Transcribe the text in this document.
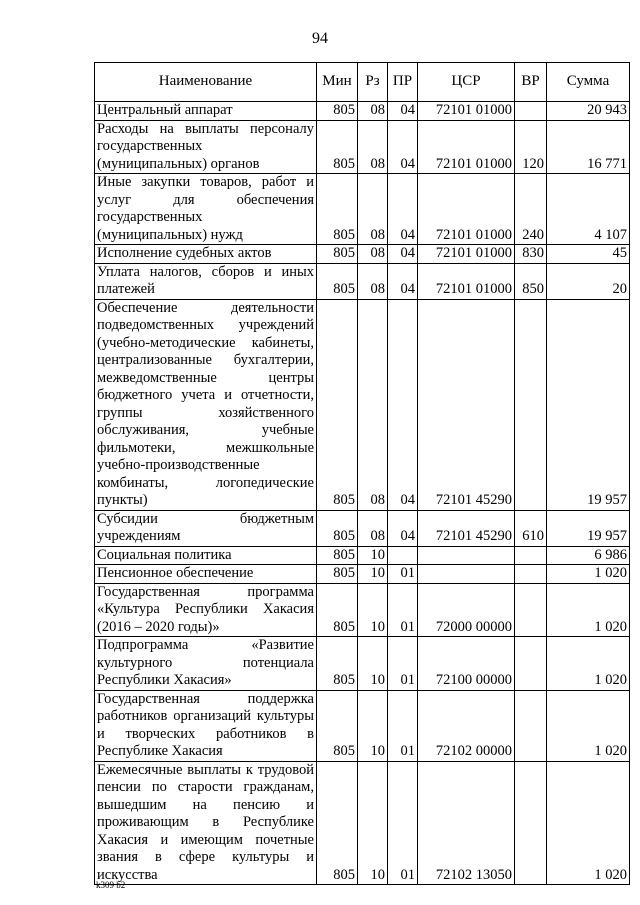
94
Наименование	Мин	Рз	ПР	ЦСР	ВР	Сумма
Центральный аппарат	805	08	04	72101 01000		20 943
Расходы на выплаты персоналу государственных (муниципальных) органов	805	08	04	72101 01000	120	16 771
Иные закупки товаров, работ и услуг для обеспечения государственных (муниципальных) нужд	805	08	04	72101 01000	240	4 107
Исполнение судебных актов	805	08	04	72101 01000	830	45
Уплата налогов, сборов и иных платежей	805	08	04	72101 01000	850	20
Обеспечение деятельности подведомственных учреждений (учебно-методические кабинеты, централизованные бухгалтерии, межведомственные центры бюджетного учета и отчетности, группы хозяйственного обслуживания, учебные фильмотеки, межшкольные учебно-производственные комбинаты, логопедические пункты)	805	08	04	72101 45290		19 957
Субсидии бюджетным учреждениям	805	08	04	72101 45290	610	19 957
Социальная политика	805	10				6 986
Пенсионное обеспечение	805	10	01			1 020
Государственная программа «Культура Республики Хакасия (2016 – 2020 годы)»	805	10	01	72000 00000		1 020
Подпрограмма «Развитие культурного потенциала Республики Хакасия»	805	10	01	72100 00000		1 020
Государственная поддержка работников организаций культуры и творческих работников в Республике Хакасия	805	10	01	72102 00000		1 020
Ежемесячные выплаты к трудовой пенсии по старости гражданам, вышедшим на пенсию и проживающим в Республике Хакасия и имеющим почетные звания в сфере культуры и искусства	805	10	01	72102 13050		1 020
k309 b2
